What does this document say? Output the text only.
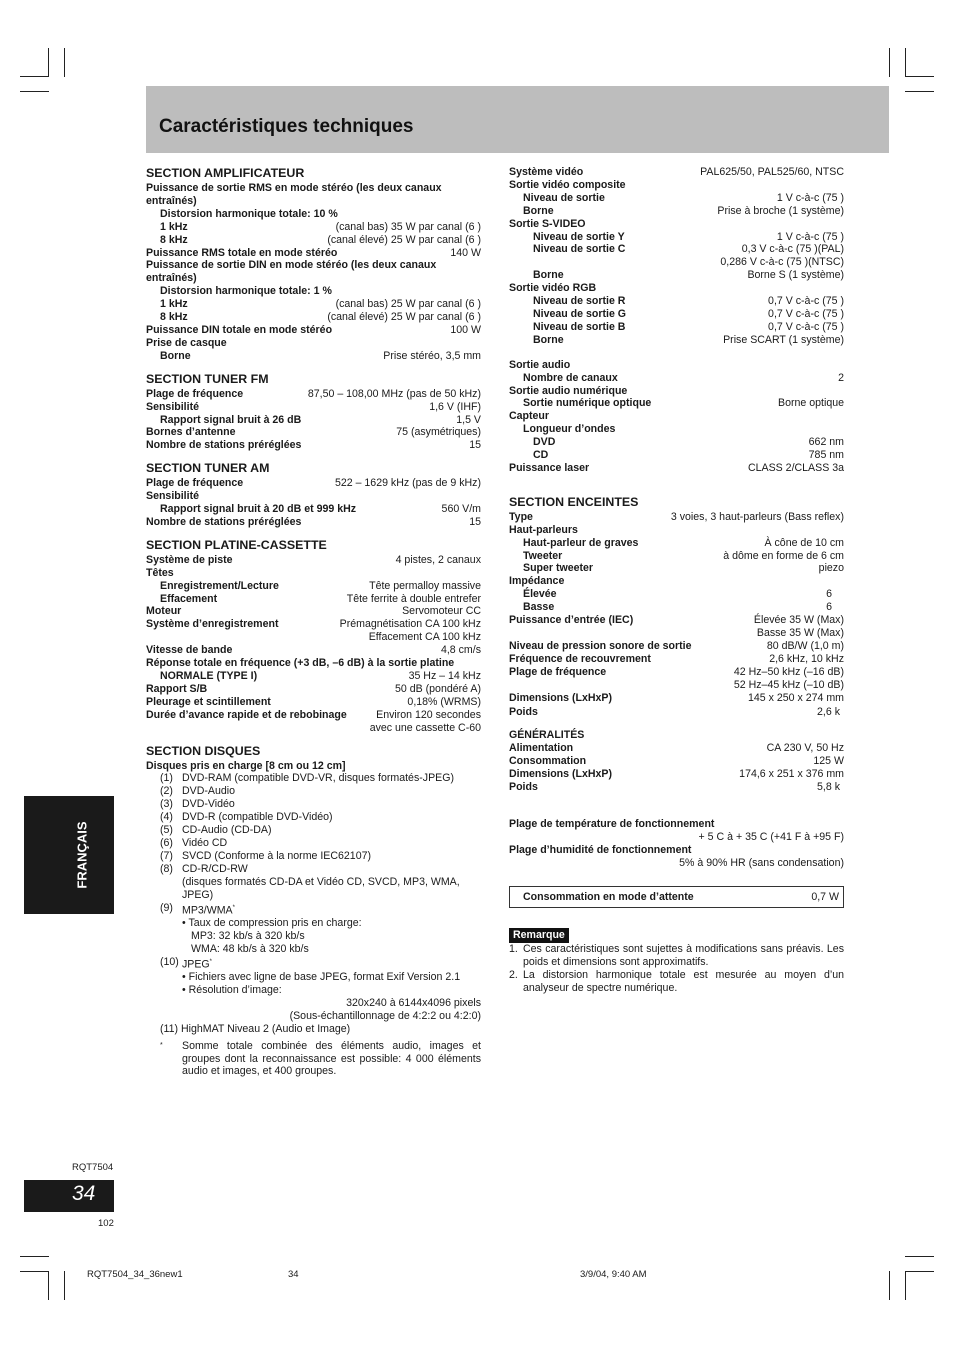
Caractéristiques techniques
SECTION AMPLIFICATEUR
Puissance de sortie RMS en mode stéréo (les deux canaux entraînés)
Distorsion harmonique totale: 10 %
1 kHz	(canal bas) 35 W par canal (6 )
8 kHz	(canal élevé) 25 W par canal (6 )
Puissance RMS totale en mode stéréo	140 W
Puissance de sortie DIN en mode stéréo (les deux canaux entraînés)
Distorsion harmonique totale: 1 %
1 kHz	(canal bas) 25 W par canal (6 )
8 kHz	(canal élevé) 25 W par canal (6 )
Puissance DIN totale en mode stéréo	100 W
Prise de casque
Borne	Prise stéréo, 3,5 mm
SECTION TUNER FM
Plage de fréquence	87,50 – 108,00 MHz (pas de 50 kHz)
Sensibilité	1,6 V (IHF)
Rapport signal bruit à 26 dB	1,5 V
Bornes d’antenne	75 (asymétriques)
Nombre de stations préréglées	15
SECTION TUNER AM
Plage de fréquence	522 – 1629 kHz (pas de 9 kHz)
Sensibilité
Rapport signal bruit à 20 dB et 999 kHz	560 V/m
Nombre de stations préréglées	15
SECTION PLATINE-CASSETTE
Système de piste	4 pistes, 2 canaux
Têtes
Enregistrement/Lecture	Tête permalloy massive
Effacement	Tête ferrite à double entrefer
Moteur	Servomoteur CC
Système d’enregistrement	Prémagnétisation CA 100 kHz
Effacement CA 100 kHz
Vitesse de bande	4,8 cm/s
Réponse totale en fréquence (+3 dB, –6 dB) à la sortie platine
NORMALE (TYPE I)	35 Hz – 14 kHz
Rapport S/B	50 dB (pondéré A)
Pleurage et scintillement	0,18% (WRMS)
Durée d’avance rapide et de rebobinage	Environ 120 secondes
avec une cassette C-60
SECTION DISQUES
Disques pris en charge [8 cm ou 12 cm]
(1) DVD-RAM (compatible DVD-VR, disques formatés-JPEG)
(2) DVD-Audio
(3) DVD-Vidéo
(4) DVD-R (compatible DVD-Vidéo)
(5) CD-Audio (CD-DA)
(6) Vidéo CD
(7) SVCD (Conforme à la norme IEC62107)
(8) CD-R/CD-RW
(disques formatés CD-DA et Vidéo CD, SVCD, MP3, WMA, JPEG)
(9) MP3/WMA*
• Taux de compression pris en charge:
MP3: 32 kb/s à 320 kb/s
WMA: 48 kb/s à 320 kb/s
(10) JPEG*
• Fichiers avec ligne de base JPEG, format Exif Version 2.1
• Résolution d’image:
320x240 à 6144x4096 pixels
(Sous-échantillonnage de 4:2:2 ou 4:2:0)
(11) HighMAT Niveau 2 (Audio et Image)
*	Somme totale combinée des éléments audio, images et groupes dont la reconnaissance est possible: 4 000 éléments audio et images, et 400 groupes.
Système vidéo	PAL625/50, PAL525/60, NTSC
Sortie vidéo composite
Niveau de sortie	1 V c-à-c (75 )
Borne	Prise à broche (1 système)
Sortie S-VIDEO
Niveau de sortie Y	1 V c-à-c (75 )
Niveau de sortie C	0,3 V c-à-c (75 )(PAL)
0,286 V c-à-c (75 )(NTSC)
Borne	Borne S (1 système)
Sortie vidéo RGB
Niveau de sortie R	0,7 V c-à-c (75 )
Niveau de sortie G	0,7 V c-à-c (75 )
Niveau de sortie B	0,7 V c-à-c (75 )
Borne	Prise SCART (1 système)
Sortie audio
Nombre de canaux	2
Sortie audio numérique
Sortie numérique optique	Borne optique
Capteur
Longueur d’ondes
DVD	662 nm
CD	785 nm
Puissance laser	CLASS 2/CLASS 3a
SECTION ENCEINTES
Type	3 voies, 3 haut-parleurs (Bass reflex)
Haut-parleurs
Haut-parleur de graves	À cône de 10 cm
Tweeter	à dôme en forme de 6 cm
Super tweeter	piezo
Impédance
Élevée	6
Basse	6
Puissance d’entrée (IEC)	Élevée 35 W (Max)
Basse 35 W (Max)
Niveau de pression sonore de sortie	80 dB/W (1,0 m)
Fréquence de recouvrement	2,6 kHz, 10 kHz
Plage de fréquence	42 Hz–50 kHz (–16 dB)
52 Hz–45 kHz (–10 dB)
Dimensions (LxHxP)	145 x 250 x 274 mm
Poids	2,6 k
GÉNÉRALITÉS
Alimentation	CA 230 V, 50 Hz
Consommation	125 W
Dimensions (LxHxP)	174,6 x 251 x 376 mm
Poids	5,8 k
Plage de température de fonctionnement
+ 5 C à + 35 C (+41 F à +95 F)
Plage d’humidité de fonctionnement
5% à 90% HR (sans condensation)
Consommation en mode d’attente	0,7 W
Remarque
1. Ces caractéristiques sont sujettes à modifications sans préavis. Les poids et dimensions sont approximatifs.
2. La distorsion harmonique totale est mesurée au moyen d’un analyseur de spectre numérique.
FRANÇAIS
RQT7504
34
102
RQT7504_34_36new1	34	3/9/04, 9:40 AM
